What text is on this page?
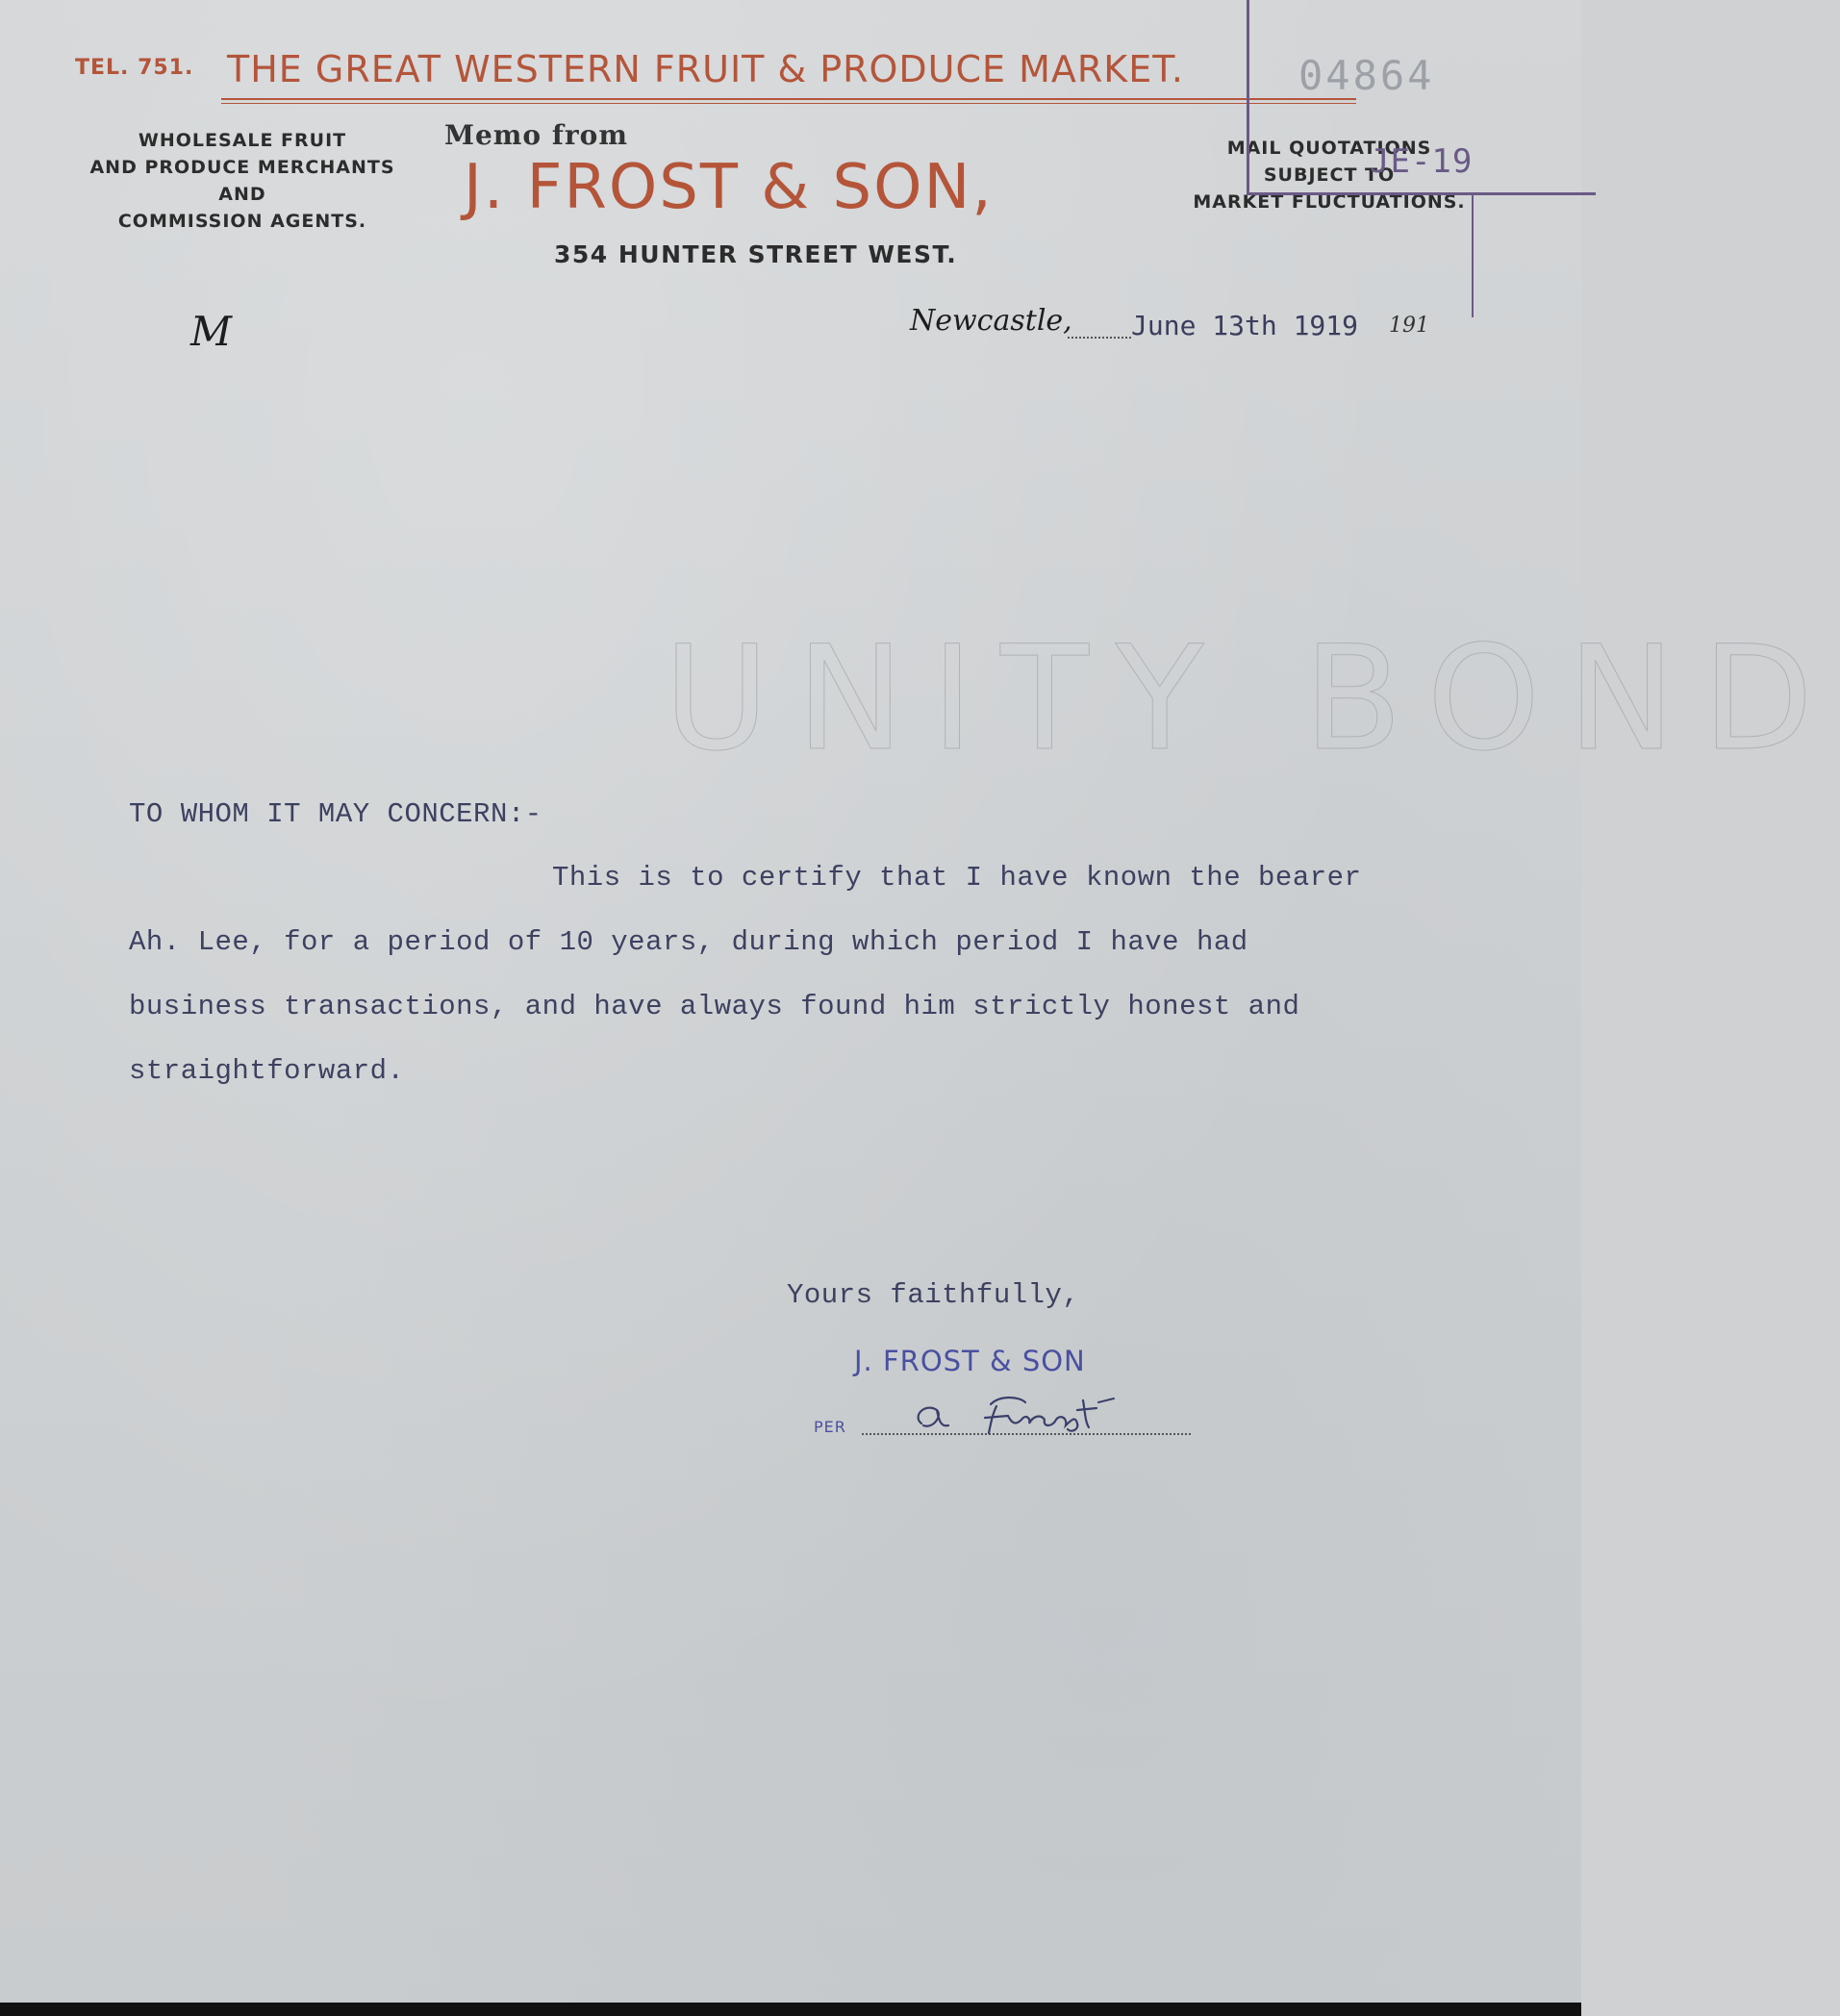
TEL. 751. THE GREAT WESTERN FRUIT & PRODUCE MARKET.
WHOLESALE FRUIT
AND PRODUCE MERCHANTS
AND
COMMISSION AGENTS.
Memo from
J. FROST & SON,
354 HUNTER STREET WEST.
MAIL QUOTATIONS
SUBJECT TO
MARKET FLUCTUATIONS.
04864
JE-19
M	Newcastle, June 13th 1919 191
UNITY BOND
TO WHOM IT MAY CONCERN:-
This is to certify that I have known the bearer
Ah. Lee, for a period of 10 years, during which period I have had
business transactions, and have always found him strictly honest and
straightforward.
Yours faithfully,
J. FROST & SON
PER
